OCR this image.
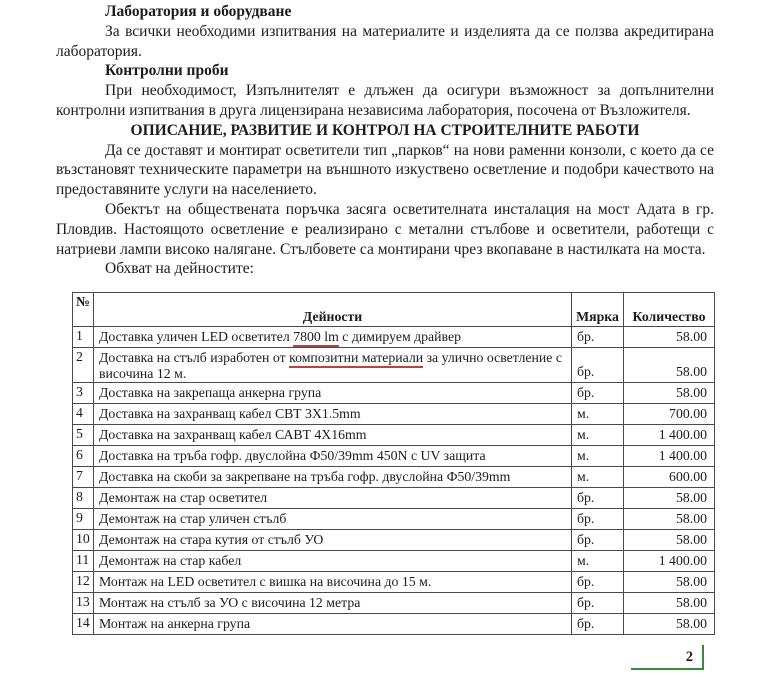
Лаборатория и оборудване

За всички необходими изпитвания на материалите и изделията да се ползва акредитирана лаборатория.

Контролни проби

При необходимост, Изпълнителят е длъжен да осигури възможност за допълнителни контролни изпитвания в друга лицензирана независима лаборатория, посочена от Възложителя.

ОПИСАНИЕ, РАЗВИТИЕ И КОНТРОЛ НА СТРОИТЕЛНИТЕ РАБОТИ

Да се доставят и монтират осветители тип „парков“ на нови раменни конзоли, с което да се възстановят техническите параметри на външното изкуствено осветление и подобри качеството на предоставяните услуги на населението.

Обектът на обществената поръчка засяга осветителната инсталация на мост Адата в гр. Пловдив. Настоящото осветление е реализирано с метални стълбове и осветители, работещи с натриеви лампи високо налягане. Стълбовете са монтирани чрез вкопаване в настилката на моста.

Обхват на дейностите:

№	Дейности	Мярка	Количество
1	Доставка уличен LED осветител 7800 lm с димируем драйвер	бр.	58.00
2	Доставка на стълб изработен от композитни материали за улично осветление с височина 12 м.	бр.	58.00
3	Доставка на закрепаща анкерна група	бр.	58.00
4	Доставка на захранващ кабел СВТ 3Х1.5mm	м.	700.00
5	Доставка на захранващ кабел САВТ 4Х16mm	м.	1 400.00
6	Доставка на тръба гофр. двуслойна Ф50/39mm 450N с UV защита	м.	1 400.00
7	Доставка на скоби за закрепване на тръба гофр. двуслойна Ф50/39mm	м.	600.00
8	Демонтаж на стар осветител	бр.	58.00
9	Демонтаж на стар уличен стълб	бр.	58.00
10	Демонтаж на стара кутия от стълб УО	бр.	58.00
11	Демонтаж на стар кабел	м.	1 400.00
12	Монтаж на LED осветител с вишка на височина до 15 м.	бр.	58.00
13	Монтаж на стълб за УО с височина 12 метра	бр.	58.00
14	Монтаж на анкерна група	бр.	58.00
2
